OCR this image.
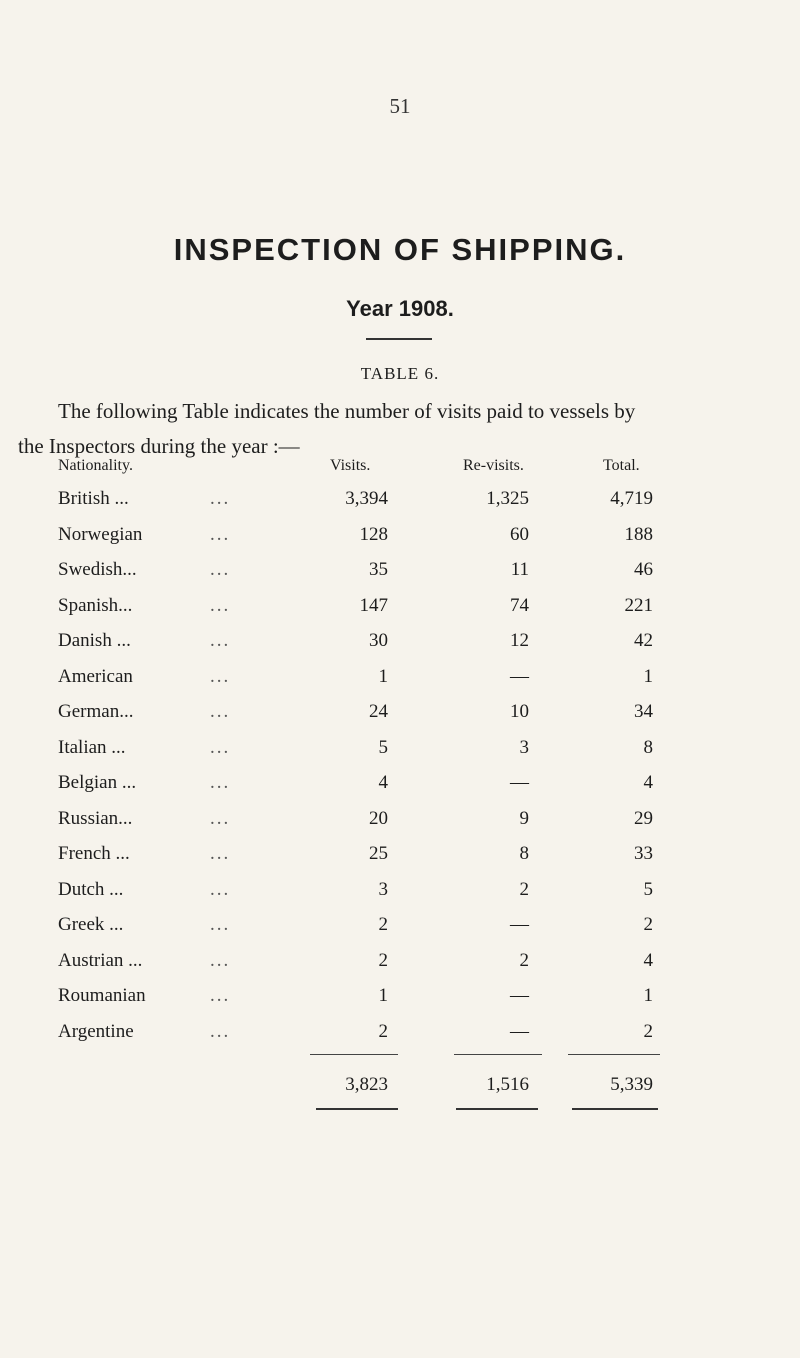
51
INSPECTION OF SHIPPING.
Year 1908.
TABLE 6.
The following Table indicates the number of visits paid to vessels by
the Inspectors during the year :—
Nationality.	Visits.	Re-visits.	Total.
British ...	...	3,394	1,325	4,719
Norwegian	...	128	60	188
Swedish...	...	35	11	46
Spanish...	...	147	74	221
Danish ...	...	30	12	42
American	...	1	—	1
German...	...	24	10	34
Italian ...	...	5	3	8
Belgian ...	...	4	—	4
Russian...	...	20	9	29
French ...	...	25	8	33
Dutch ...	...	3	2	5
Greek ...	...	2	—	2
Austrian ...	...	2	2	4
Roumanian	...	1	—	1
Argentine	...	2	—	2
3,823	1,516	5,339
